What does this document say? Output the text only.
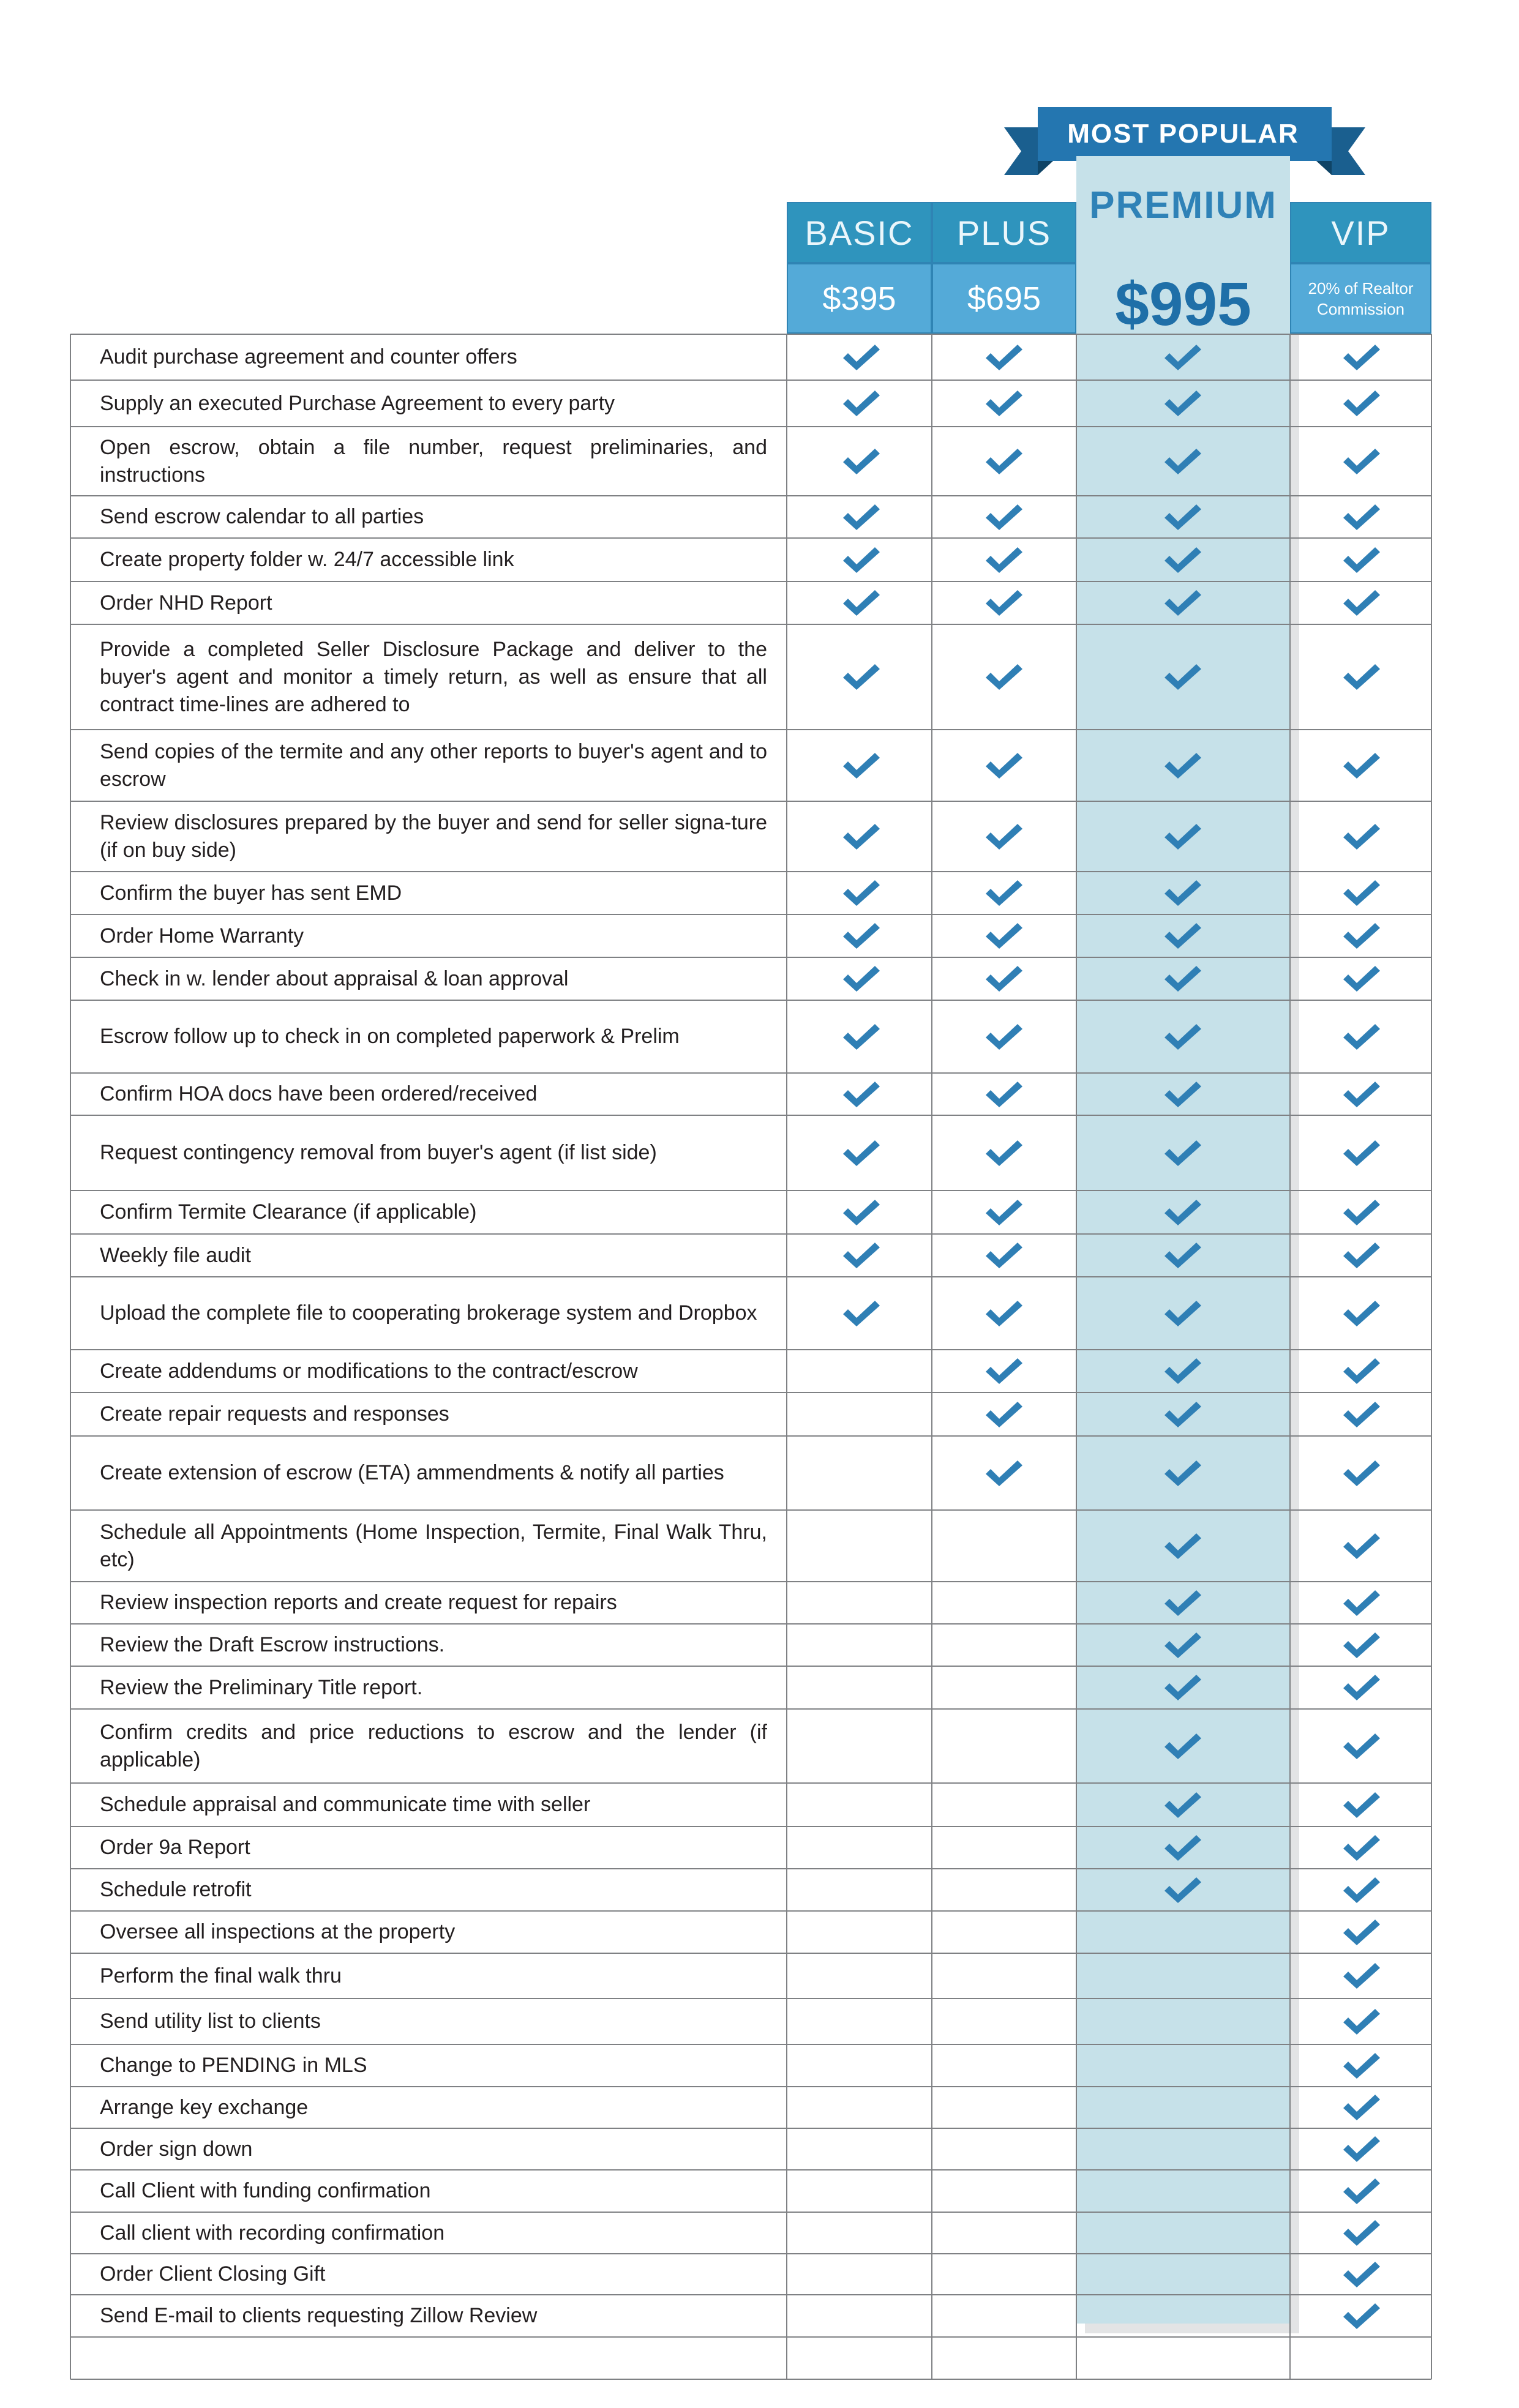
MOST POPULAR
PREMIUM
$995
BASIC
$395
PLUS
$695
VIP
20% of Realtor
Commission
Audit purchase agreement and counter offers
Supply an executed Purchase Agreement to every party
Open escrow, obtain a file number, request preliminaries, and instructions
Send escrow calendar to all parties
Create property folder w. 24/7 accessible link
Order NHD Report
Provide a completed Seller Disclosure Package and deliver to the buyer's agent and monitor a timely return, as well as ensure that all contract time-lines are adhered to
Send copies of the termite and any other reports to buyer's agent and to escrow
Review disclosures prepared by the buyer and send for seller signa-ture (if on buy side)
Confirm the buyer has sent EMD
Order Home Warranty
Check in w. lender about appraisal & loan approval
Escrow follow up to check in on completed paperwork & Prelim
Confirm HOA docs have been ordered/received
Request contingency removal from buyer's agent (if list side)
Confirm Termite Clearance (if applicable)
Weekly file audit
Upload the complete file to cooperating brokerage system and Dropbox
Create addendums or modifications to the contract/escrow
Create repair requests and responses
Create extension of escrow (ETA) ammendments & notify all parties
Schedule all Appointments (Home Inspection, Termite, Final Walk Thru, etc)
Review inspection reports and create request for repairs
Review the Draft Escrow instructions.
Review the Preliminary Title report.
Confirm credits and price reductions to escrow and the lender (if applicable)
Schedule appraisal and communicate time with seller
Order 9a Report
Schedule retrofit
Oversee all inspections at the property
Perform the final walk thru
Send utility list to clients
Change to PENDING in MLS
Arrange key exchange
Order sign down
Call Client with funding confirmation
Call client with recording confirmation
Order Client Closing Gift
Send E-mail to clients requesting Zillow Review
